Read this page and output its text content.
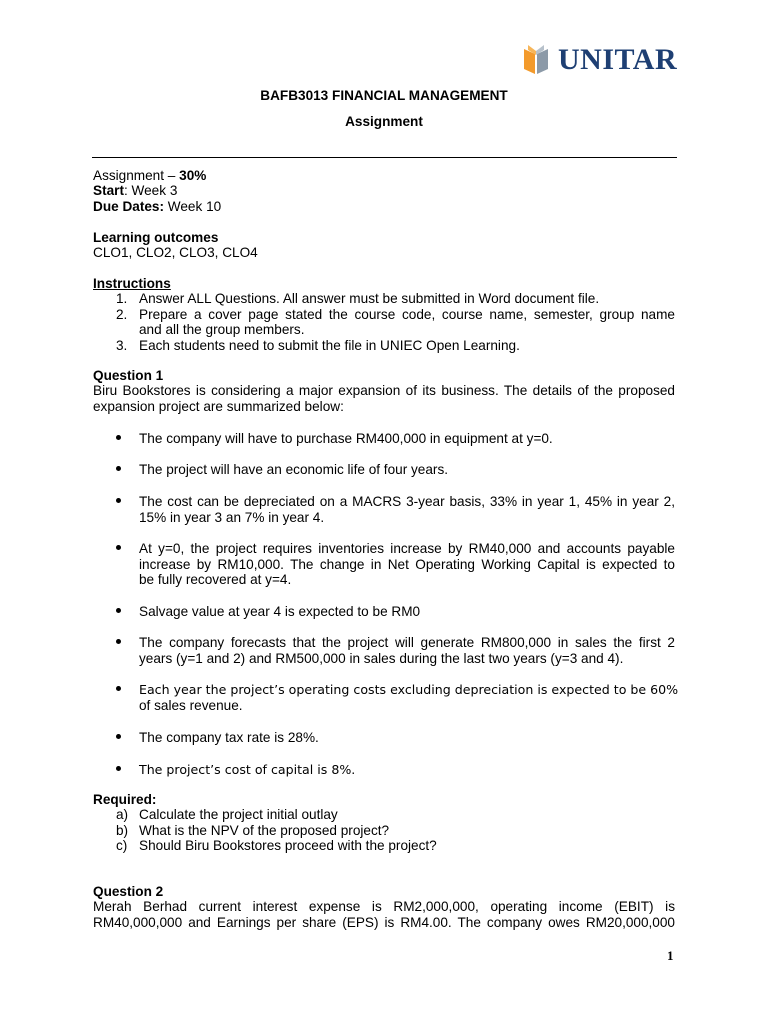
UNITAR
BAFB3013 FINANCIAL MANAGEMENT
Assignment
Assignment – 30%
Start: Week 3
Due Dates: Week 10
Learning outcomes
CLO1, CLO2, CLO3, CLO4
Instructions
1. Answer ALL Questions. All answer must be submitted in Word document file.
2. Prepare a cover page stated the course code, course name, semester, group name
and all the group members.
3. Each students need to submit the file in UNIEC Open Learning.
Question 1
Biru Bookstores is considering a major expansion of its business. The details of the proposed
expansion project are summarized below:
The company will have to purchase RM400,000 in equipment at y=0.
The project will have an economic life of four years.
The cost can be depreciated on a MACRS 3-year basis, 33% in year 1, 45% in year 2,
15% in year 3 an 7% in year 4.
At y=0, the project requires inventories increase by RM40,000 and accounts payable
increase by RM10,000. The change in Net Operating Working Capital is expected to
be fully recovered at y=4.
Salvage value at year 4 is expected to be RM0
The company forecasts that the project will generate RM800,000 in sales the first 2
years (y=1 and 2) and RM500,000 in sales during the last two years (y=3 and 4).
Each year the project’s operating costs excluding depreciation is expected to be 60%
of sales revenue.
The company tax rate is 28%.
The project’s cost of capital is 8%.
Required:
a) Calculate the project initial outlay
b) What is the NPV of the proposed project?
c) Should Biru Bookstores proceed with the project?
Question 2
Merah Berhad current interest expense is RM2,000,000, operating income (EBIT) is
RM40,000,000 and Earnings per share (EPS) is RM4.00. The company owes RM20,000,000
1
